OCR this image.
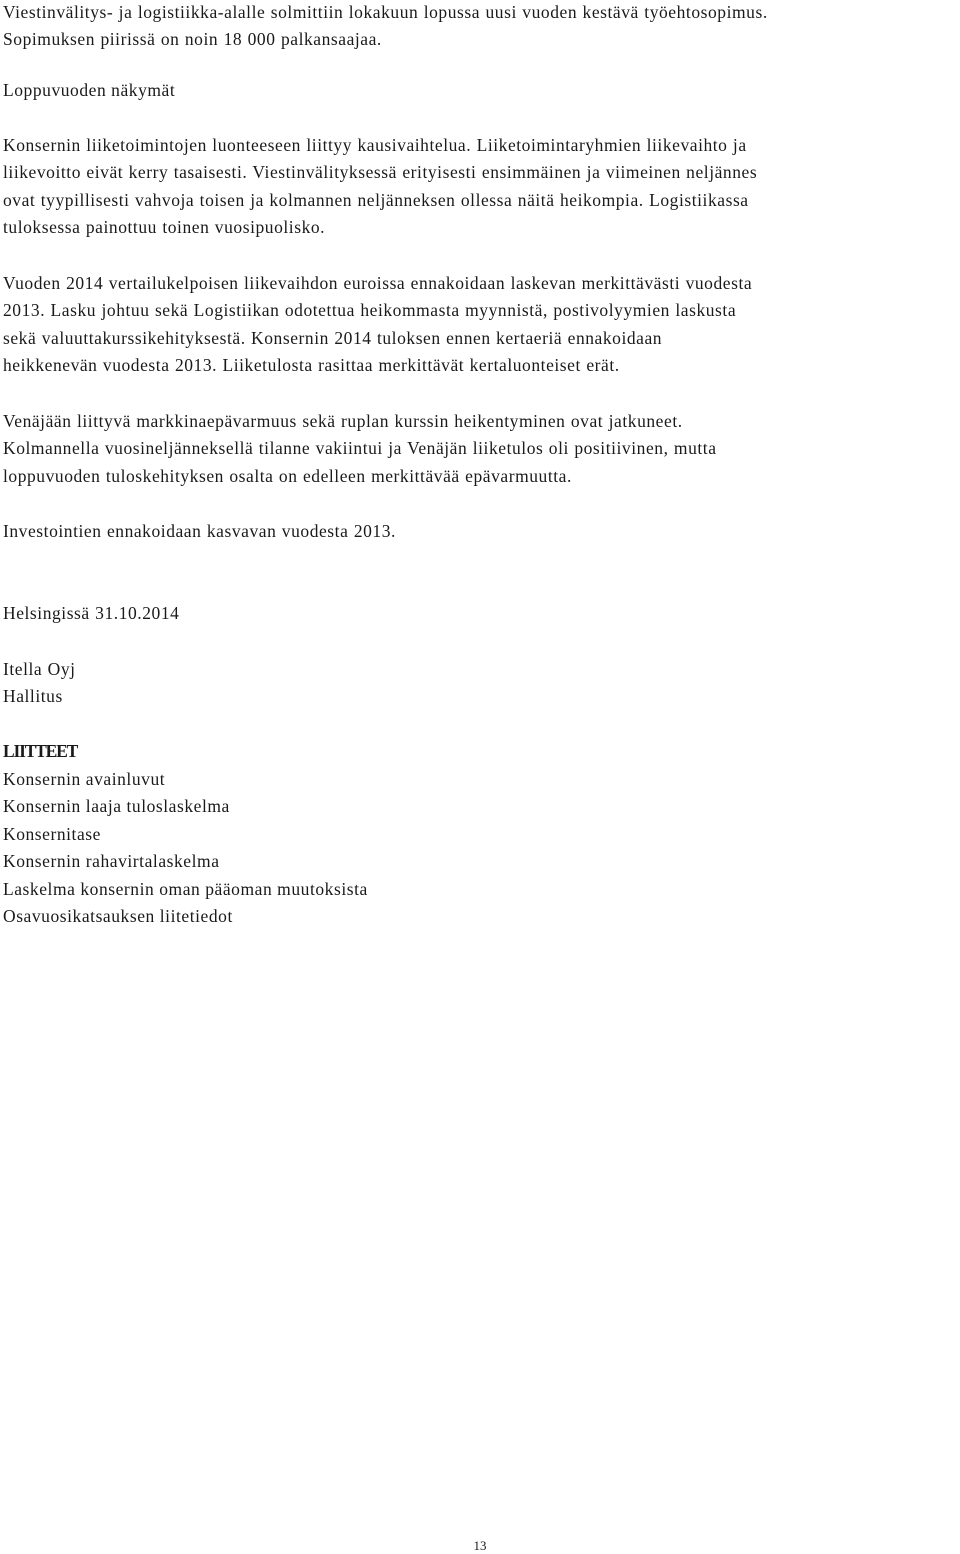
Viestinvälitys- ja logistiikka-alalle solmittiin lokakuun lopussa uusi vuoden kestävä työehtosopimus.
Sopimuksen piirissä on noin 18 000 palkansaajaa.
Loppuvuoden näkymät
Konsernin liiketoimintojen luonteeseen liittyy kausivaihtelua. Liiketoimintaryhmien liikevaihto ja
liikevoitto eivät kerry tasaisesti. Viestinvälityksessä erityisesti ensimmäinen ja viimeinen neljännes
ovat tyypillisesti vahvoja toisen ja kolmannen neljänneksen ollessa näitä heikompia. Logistiikassa
tuloksessa painottuu toinen vuosipuolisko.
Vuoden 2014 vertailukelpoisen liikevaihdon euroissa ennakoidaan laskevan merkittävästi vuodesta
2013. Lasku johtuu sekä Logistiikan odotettua heikommasta myynnistä, postivolyymien laskusta
sekä valuuttakurssikehityksestä. Konsernin 2014 tuloksen ennen kertaeriä ennakoidaan
heikkenevän vuodesta 2013. Liiketulosta rasittaa merkittävät kertaluonteiset erät.
Venäjään liittyvä markkinaepävarmuus sekä ruplan kurssin heikentyminen ovat jatkuneet.
Kolmannella vuosineljänneksellä tilanne vakiintui ja Venäjän liiketulos oli positiivinen, mutta
loppuvuoden tuloskehityksen osalta on edelleen merkittävää epävarmuutta.
Investointien ennakoidaan kasvavan vuodesta 2013.
Helsingissä 31.10.2014
Itella Oyj
Hallitus
LIITTEET
Konsernin avainluvut
Konsernin laaja tuloslaskelma
Konsernitase
Konsernin rahavirtalaskelma
Laskelma konsernin oman pääoman muutoksista
Osavuosikatsauksen liitetiedot
13
